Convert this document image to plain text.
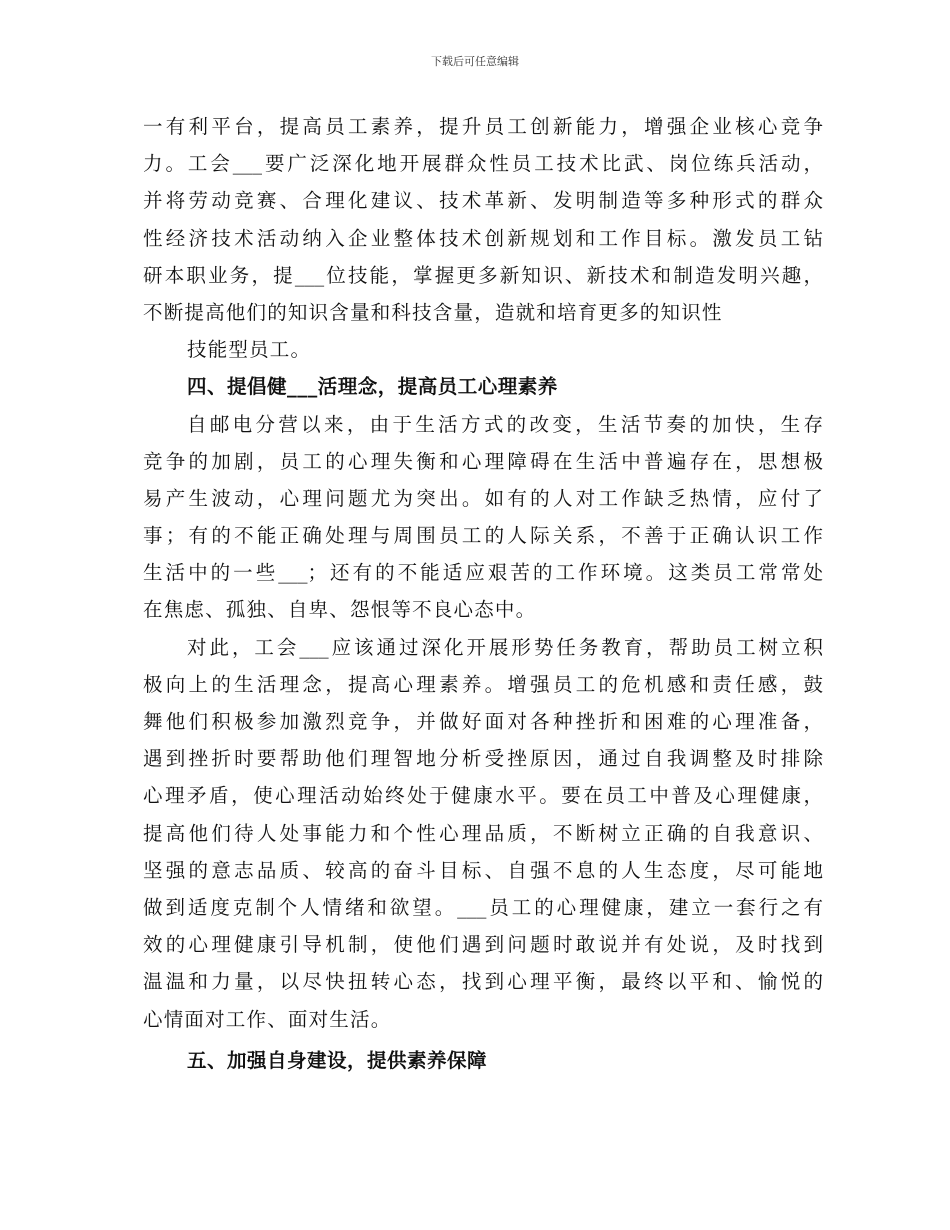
下载后可任意编辑
一有利平台，提高员工素养，提升员工创新能力，增强企业核心竞争
力。工会___要广泛深化地开展群众性员工技术比武、岗位练兵活动，
并将劳动竞赛、合理化建议、技术革新、发明制造等多种形式的群众
性经济技术活动纳入企业整体技术创新规划和工作目标。激发员工钻
研本职业务，提___位技能，掌握更多新知识、新技术和制造发明兴趣，
不断提高他们的知识含量和科技含量，造就和培育更多的知识性
技能型员工。
四、提倡健___活理念，提高员工心理素养
自邮电分营以来，由于生活方式的改变，生活节奏的加快，生存
竞争的加剧，员工的心理失衡和心理障碍在生活中普遍存在，思想极
易产生波动，心理问题尤为突出。如有的人对工作缺乏热情，应付了
事；有的不能正确处理与周围员工的人际关系，不善于正确认识工作
生活中的一些___；还有的不能适应艰苦的工作环境。这类员工常常处
在焦虑、孤独、自卑、怨恨等不良心态中。
对此，工会___应该通过深化开展形势任务教育，帮助员工树立积
极向上的生活理念，提高心理素养。增强员工的危机感和责任感，鼓
舞他们积极参加激烈竞争，并做好面对各种挫折和困难的心理准备，
遇到挫折时要帮助他们理智地分析受挫原因，通过自我调整及时排除
心理矛盾，使心理活动始终处于健康水平。要在员工中普及心理健康，
提高他们待人处事能力和个性心理品质，不断树立正确的自我意识、
坚强的意志品质、较高的奋斗目标、自强不息的人生态度，尽可能地
做到适度克制个人情绪和欲望。___员工的心理健康，建立一套行之有
效的心理健康引导机制，使他们遇到问题时敢说并有处说，及时找到
温温和力量，以尽快扭转心态，找到心理平衡，最终以平和、愉悦的
心情面对工作、面对生活。
五、加强自身建设，提供素养保障
